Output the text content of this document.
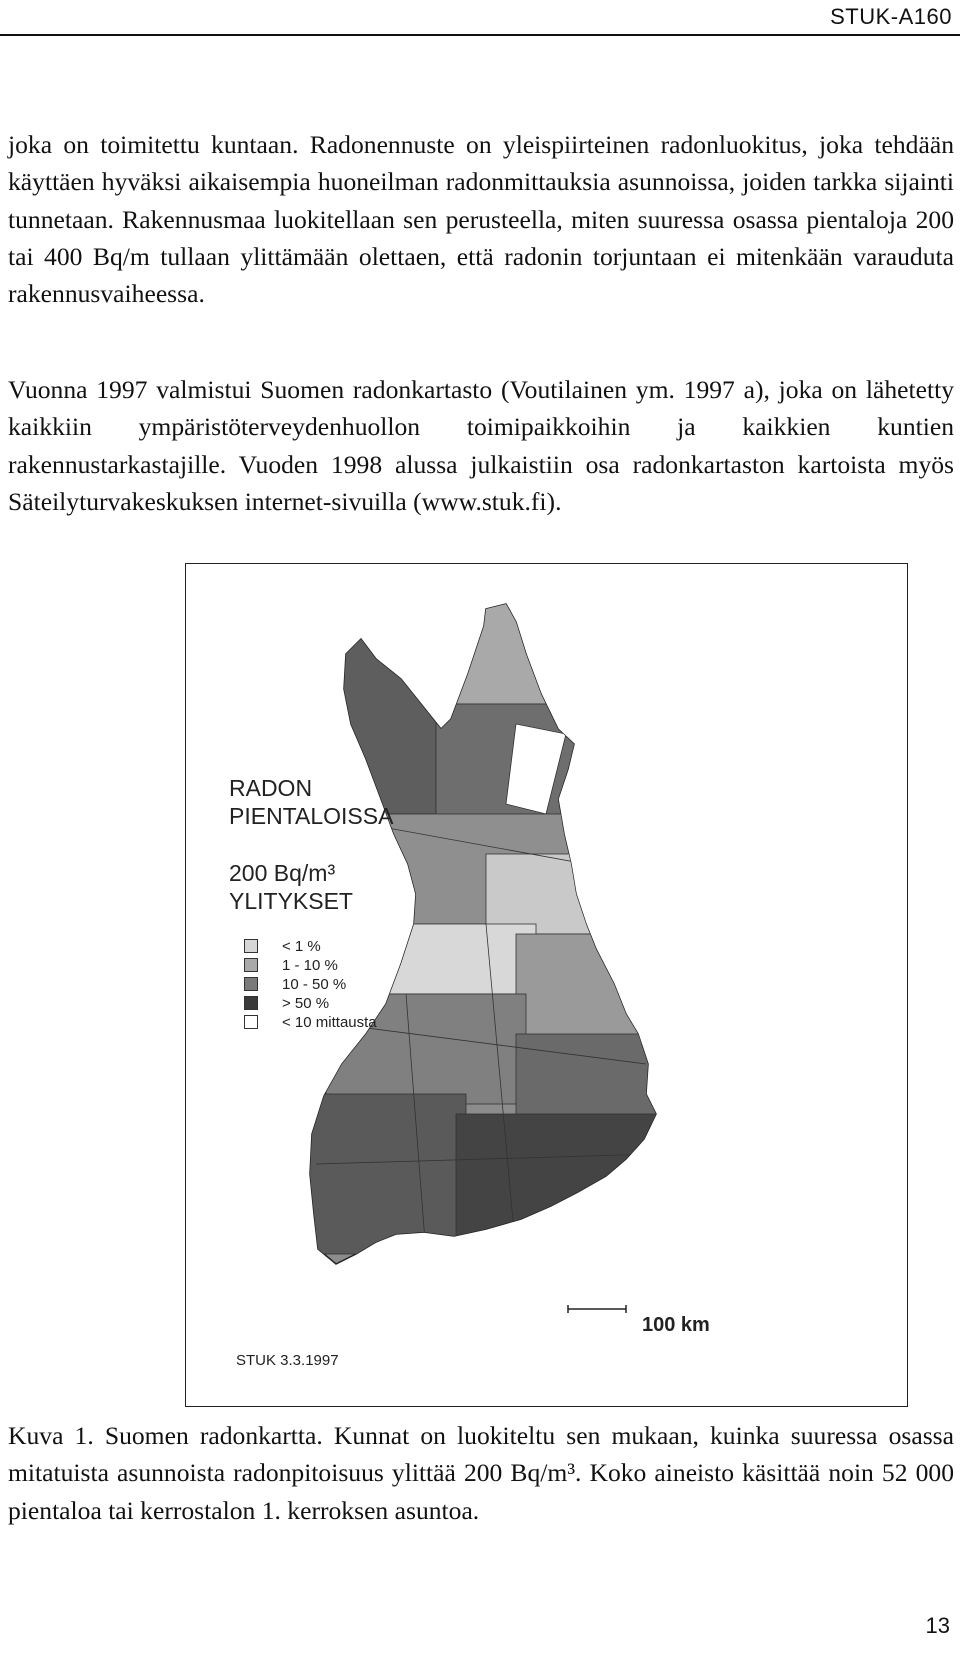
STUK-A160

joka on toimitettu kuntaan. Radonennuste on yleispiirteinen radonluokitus, joka tehdään käyttäen hyväksi aikaisempia huoneilman radonmittauksia asunnoissa, joiden tarkka sijainti tunnetaan. Rakennusmaa luokitellaan sen perusteella, miten suuressa osassa pientaloja 200 tai 400 Bq/m tullaan ylittämään olettaen, että radonin torjuntaan ei mitenkään varauduta rakennusvaiheessa.

Vuonna 1997 valmistui Suomen radonkartasto (Voutilainen ym. 1997 a), joka on lähetetty kaikkiin ympäristöterveydenhuollon toimipaikkoihin ja kaikkien kuntien rakennustarkastajille. Vuoden 1998 alussa julkaistiin osa radonkartaston kartoista myös Säteilyturvakeskuksen internet-sivuilla (www.stuk.fi).

RADON
PIENTALOISSA
200 Bq/m³
YLITYKSET
< 1 %
1 - 10 %
10 - 50 %
> 50 %
< 10 mittausta
STUK 3.3.1997
100 km

Kuva 1. Suomen radonkartta. Kunnat on luokiteltu sen mukaan, kuinka suuressa osassa mitatuista asunnoista radonpitoisuus ylittää 200 Bq/m³. Koko aineisto käsittää noin 52 000 pientaloa tai kerrostalon 1. kerroksen asuntoa.

13
